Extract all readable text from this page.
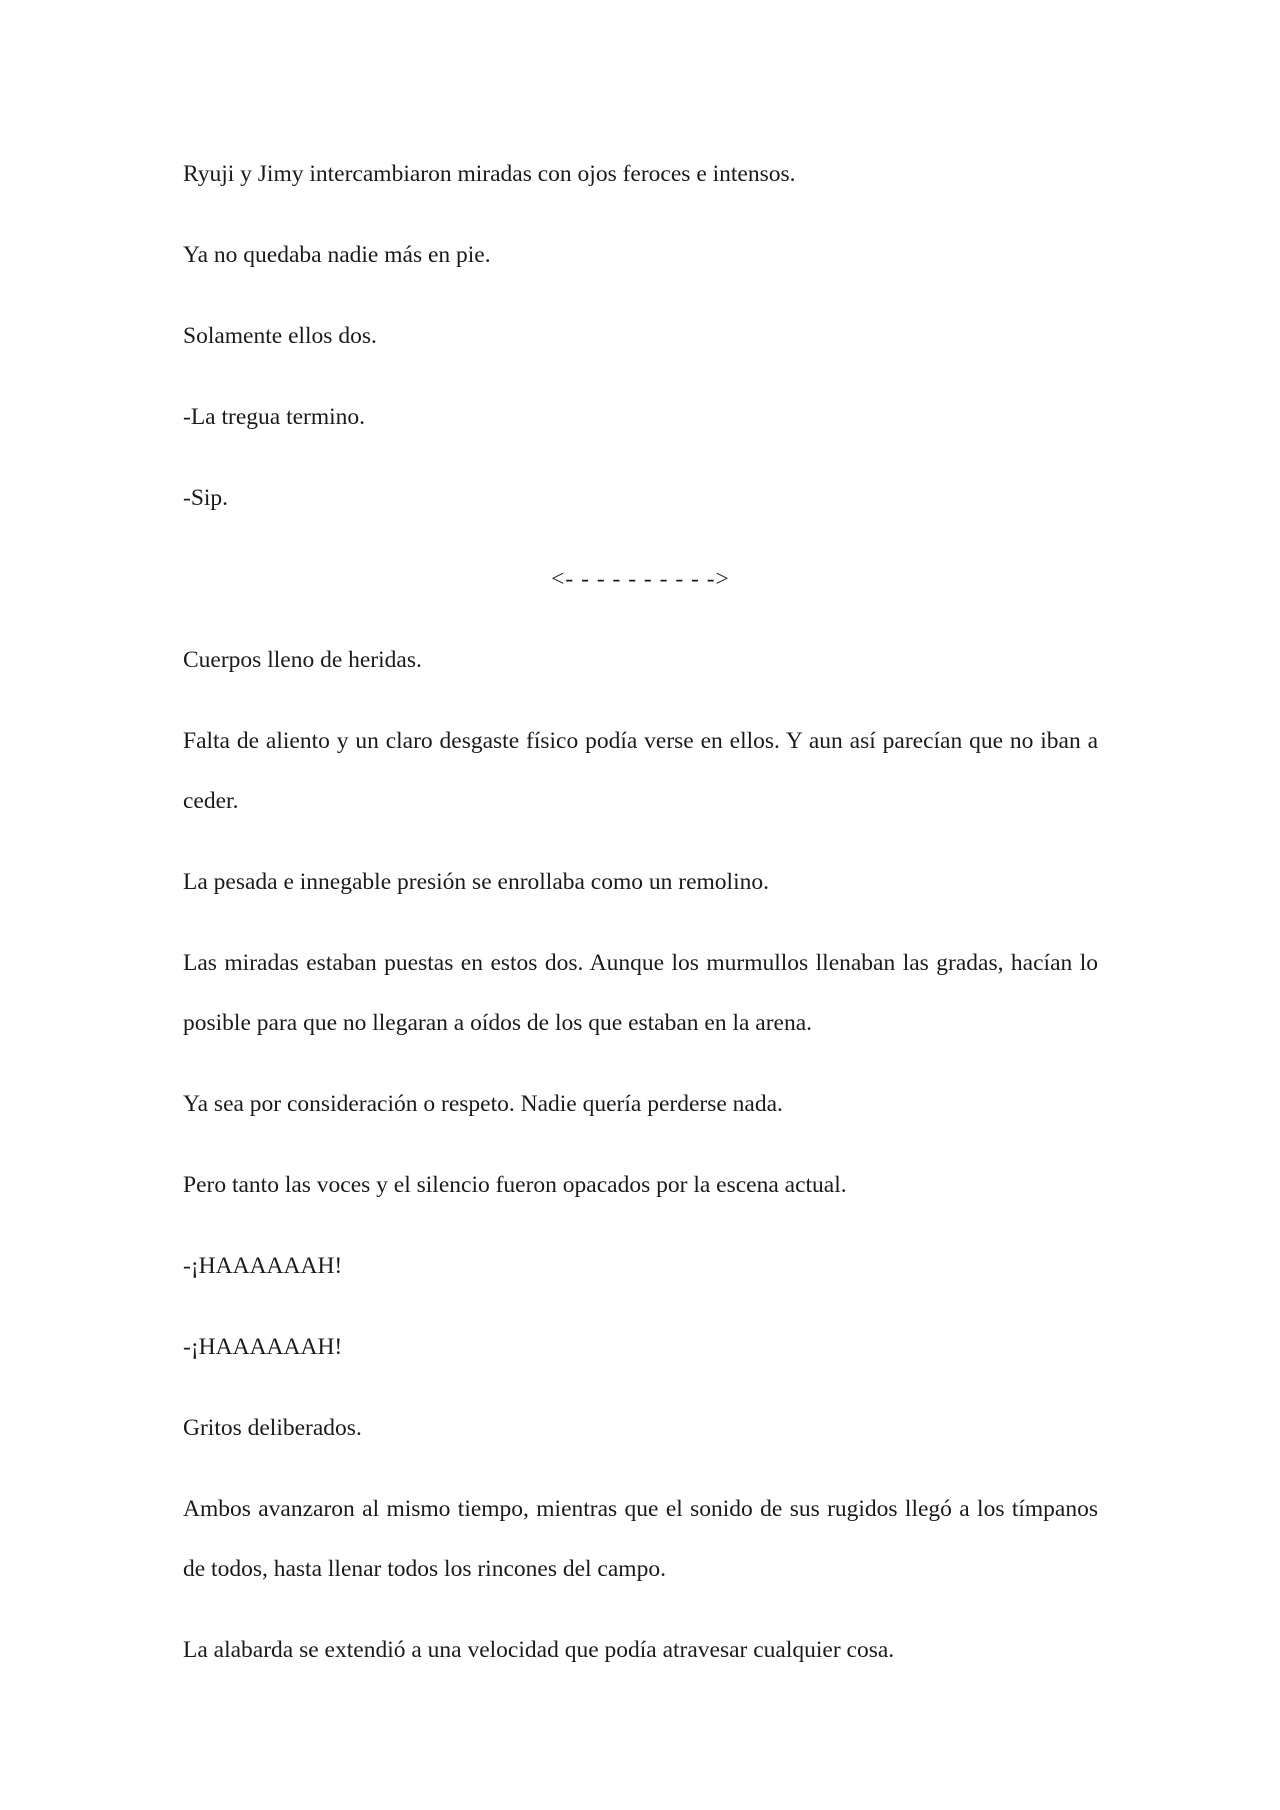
Ryuji y Jimy intercambiaron miradas con ojos feroces e intensos.

Ya no quedaba nadie más en pie.

Solamente ellos dos.

-La tregua termino.

-Sip.

<- - - - - - - - - ->

Cuerpos lleno de heridas.

Falta de aliento y un claro desgaste físico podía verse en ellos. Y aun así parecían que no iban a ceder.

La pesada e innegable presión se enrollaba como un remolino.

Las miradas estaban puestas en estos dos. Aunque los murmullos llenaban las gradas, hacían lo posible para que no llegaran a oídos de los que estaban en la arena.

Ya sea por consideración o respeto. Nadie quería perderse nada.

Pero tanto las voces y el silencio fueron opacados por la escena actual.

-¡HAAAAAAH!

-¡HAAAAAAH!

Gritos deliberados.

Ambos avanzaron al mismo tiempo, mientras que el sonido de sus rugidos llegó a los tímpanos de todos, hasta llenar todos los rincones del campo.

La alabarda se extendió a una velocidad que podía atravesar cualquier cosa.
